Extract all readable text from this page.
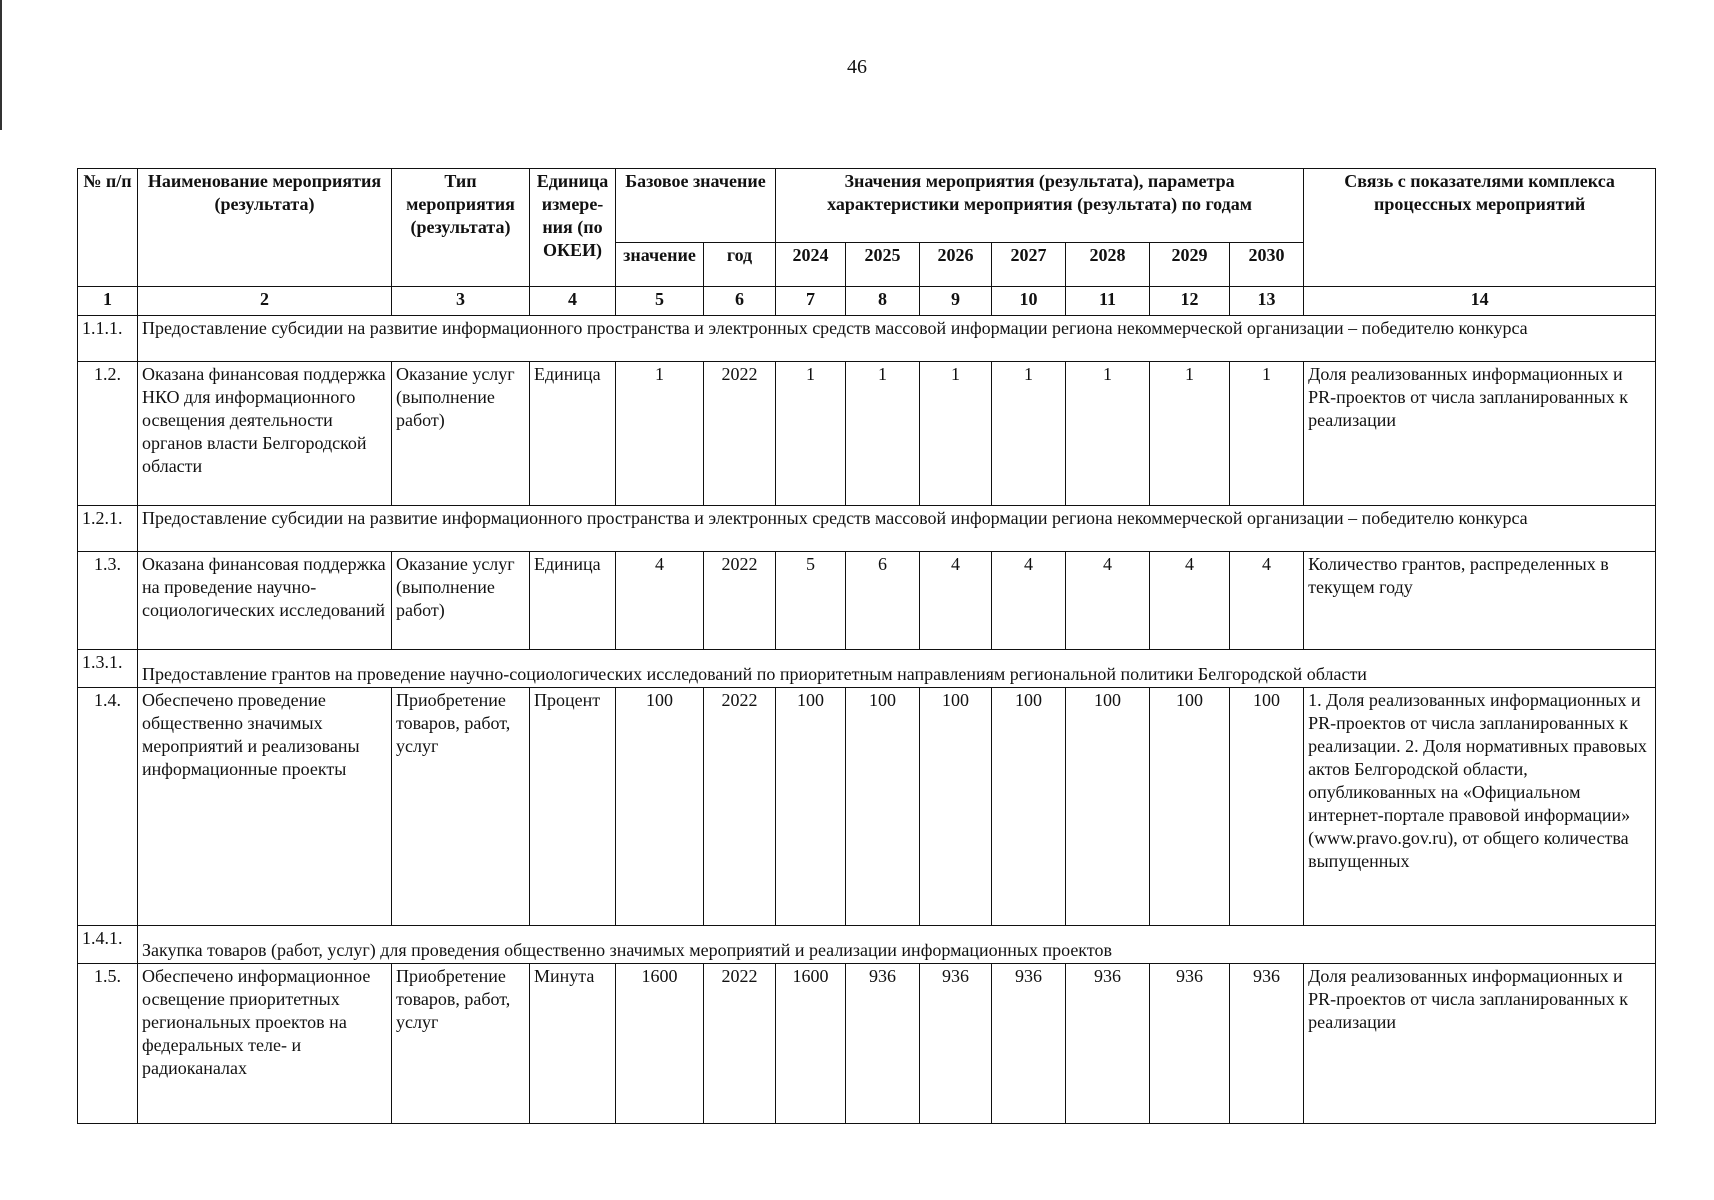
46
№ п/п	Наименование мероприятия (результата)	Тип мероприятия (результата)	Единица измере-ния (по ОКЕИ)	Базовое значение		Значения мероприятия (результата), параметра характеристики мероприятия (результата) по годам							Связь с показателями комплекса процессных мероприятий
				значение	год	2024	2025	2026	2027	2028	2029	2030	
1	2	3	4	5	6	7	8	9	10	11	12	13	14
1.1.1.	Предоставление субсидии на развитие информационного пространства и электронных средств массовой информации региона некоммерческой организации – победителю конкурса												
1.2.	Оказана финансовая поддержка НКО для информационного освещения деятельности органов власти Белгородской области	Оказание услуг (выполнение работ)	Единица	1	2022	1	1	1	1	1	1	1	Доля реализованных информационных и PR-проектов от числа запланированных к реализации
1.2.1.	Предоставление субсидии на развитие информационного пространства и электронных средств массовой информации региона некоммерческой организации – победителю конкурса												
1.3.	Оказана финансовая поддержка на проведение научно-социологических исследований	Оказание услуг (выполнение работ)	Единица	4	2022	5	6	4	4	4	4	4	Количество грантов, распределенных в текущем году
1.3.1.	Предоставление грантов на проведение научно-социологических исследований по приоритетным направлениям региональной политики Белгородской области												
1.4.	Обеспечено проведение общественно значимых мероприятий и реализованы информационные проекты	Приобретение товаров, работ, услуг	Процент	100	2022	100	100	100	100	100	100	100	1. Доля реализованных информационных и PR-проектов от числа запланированных к реализации. 2. Доля нормативных правовых актов Белгородской области, опубликованных на «Официальном интернет-портале правовой информации» (www.pravo.gov.ru), от общего количества выпущенных
1.4.1.	Закупка товаров (работ, услуг) для проведения общественно значимых мероприятий и реализации информационных проектов												
1.5.	Обеспечено информационное освещение приоритетных региональных проектов на федеральных теле- и радиоканалах	Приобретение товаров, работ, услуг	Минута	1600	2022	1600	936	936	936	936	936	936	Доля реализованных информационных и PR-проектов от числа запланированных к реализации
